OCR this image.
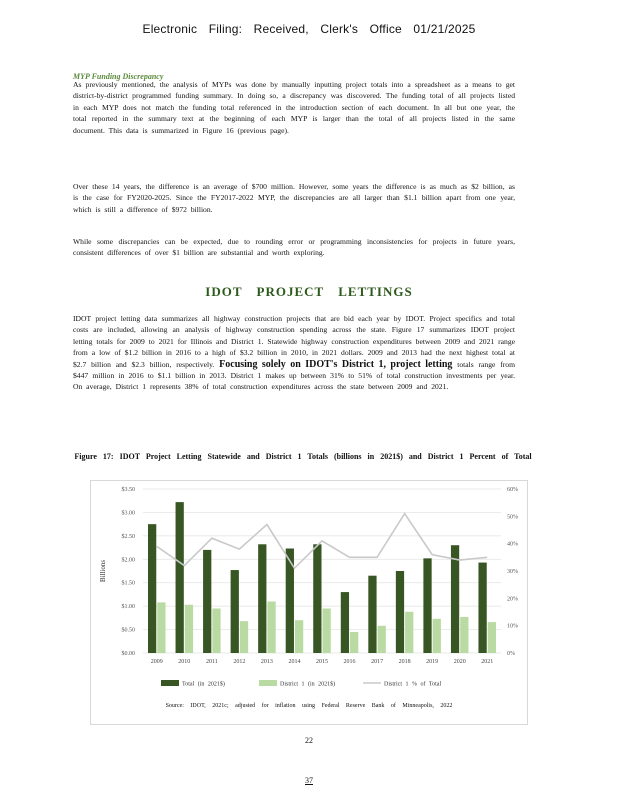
Electronic Filing: Received, Clerk's Office 01/21/2025
MYP Funding Discrepancy

As previously mentioned, the analysis of MYPs was done by manually inputting project totals into a spreadsheet as a means to get district-by-district programmed funding summary. In doing so, a discrepancy was discovered. The funding total of all projects listed in each MYP does not match the funding total referenced in the introduction section of each document. In all but one year, the total reported in the summary text at the beginning of each MYP is larger than the total of all projects listed in the same document. This data is summarized in Figure 16 (previous page).

Over these 14 years, the difference is an average of $700 million. However, some years the difference is as much as $2 billion, as is the case for FY2020-2025. Since the FY2017-2022 MYP, the discrepancies are all larger than $1.1 billion apart from one year, which is still a difference of $972 billion.

While some discrepancies can be expected, due to rounding error or programming inconsistencies for projects in future years, consistent differences of over $1 billion are substantial and worth exploring.

IDOT PROJECT LETTINGS

IDOT project letting data summarizes all highway construction projects that are bid each year by IDOT. Project specifics and total costs are included, allowing an analysis of highway construction spending across the state. Figure 17 summarizes IDOT project letting totals for 2009 to 2021 for Illinois and District 1. Statewide highway construction expenditures between 2009 and 2021 range from a low of $1.2 billion in 2016 to a high of $3.2 billion in 2010, in 2021 dollars. 2009 and 2013 had the next highest total at $2.7 billion and $2.3 billion, respectively. Focusing solely on IDOT's District 1, project letting totals range from $447 million in 2016 to $1.1 billion in 2013. District 1 makes up between 31% to 51% of total construction investments per year. On average, District 1 represents 38% of total construction expenditures across the state between 2009 and 2021.

Figure 17: IDOT Project Letting Statewide and District 1 Totals (billions in 2021$) and District 1 Percent of Total
$0.00
$0.50
$1.00
$1.50
$2.00
$2.50
$3.00
$3.50
0%
10%
20%
30%
40%
50%
60%
Billions
2009	2010	2011	2012	2013	2014	2015	2016	2017	2018	2019	2020	2021
Total (in 2021$)	District 1 (in 2021$)	District 1 % of Total
Source: IDOT, 2021c; adjusted for inflation using Federal Reserve Bank of Minneapolis, 2022
22
37
